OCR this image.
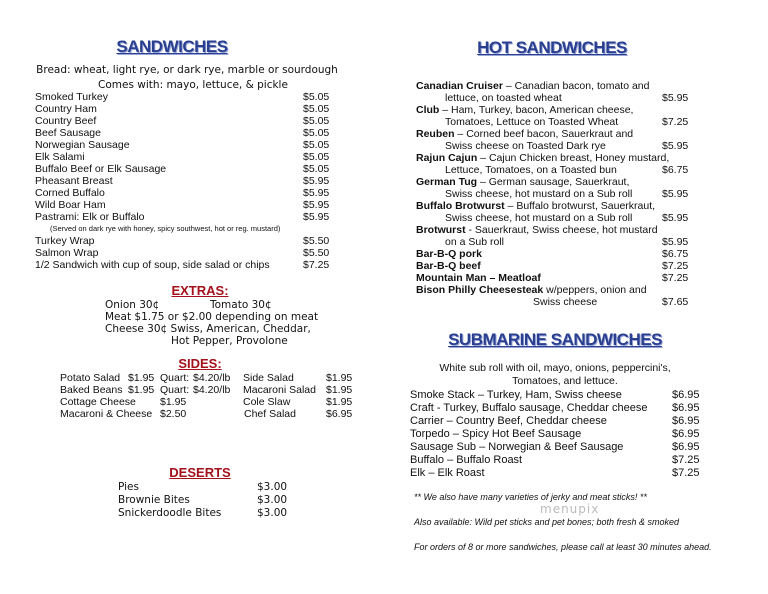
SANDWICHES
Bread: wheat, light rye, or dark rye, marble or sourdough
Comes with: mayo, lettuce, & pickle
Smoked Turkey	$5.05
Country Ham	$5.05
Country Beef	$5.05
Beef Sausage	$5.05
Norwegian Sausage	$5.05
Elk Salami	$5.05
Buffalo Beef or Elk Sausage	$5.05
Pheasant Breast	$5.95
Corned Buffalo	$5.95
Wild Boar Ham	$5.95
Pastrami: Elk or Buffalo	$5.95
(Served on dark rye with honey, spicy southwest, hot or reg. mustard)
Turkey Wrap	$5.50
Salmon Wrap	$5.50
1/2 Sandwich with cup of soup, side salad or chips	$7.25
EXTRAS:
Onion 30¢	Tomato 30¢
Meat $1.75 or $2.00 depending on meat
Cheese 30¢ Swiss, American, Cheddar,
Hot Pepper, Provolone
SIDES:
Potato Salad $1.95 Quart: $4.20/lb Side Salad	$1.95
Baked Beans $1.95 Quart: $4.20/lb Macaroni Salad $1.95
Cottage Cheese $1.95	Cole Slaw	$1.95
Macaroni & Cheese $2.50	Chef Salad	$6.95
DESERTS
Pies	$3.00
Brownie Bites	$3.00
Snickerdoodle Bites	$3.00
HOT SANDWICHES
Canadian Cruiser – Canadian bacon, tomato and
lettuce, on toasted wheat	$5.95
Club – Ham, Turkey, bacon, American cheese,
Tomatoes, Lettuce on Toasted Wheat	$7.25
Reuben – Corned beef bacon, Sauerkraut and
Swiss cheese on Toasted Dark rye	$5.95
Rajun Cajun – Cajun Chicken breast, Honey mustard,
Lettuce, Tomatoes, on a Toasted bun	$6.75
German Tug – German sausage, Sauerkraut,
Swiss cheese, hot mustard on a Sub roll	$5.95
Buffalo Brotwurst – Buffalo brotwurst, Sauerkraut,
Swiss cheese, hot mustard on a Sub roll	$5.95
Brotwurst - Sauerkraut, Swiss cheese, hot mustard
on a Sub roll	$5.95
Bar-B-Q pork	$6.75
Bar-B-Q beef	$7.25
Mountain Man – Meatloaf	$7.25
Bison Philly Cheesesteak w/peppers, onion and
Swiss cheese	$7.65
SUBMARINE SANDWICHES
White sub roll with oil, mayo, onions, peppercini's,
Tomatoes, and lettuce.
Smoke Stack – Turkey, Ham, Swiss cheese	$6.95
Craft - Turkey, Buffalo sausage, Cheddar cheese $6.95
Carrier – Country Beef, Cheddar cheese	$6.95
Torpedo – Spicy Hot Beef Sausage	$6.95
Sausage Sub – Norwegian & Beef Sausage	$6.95
Buffalo – Buffalo Roast	$7.25
Elk – Elk Roast	$7.25
** We also have many varieties of jerky and meat sticks! **
menupix
Also available: Wild pet sticks and pet bones; both fresh & smoked
For orders of 8 or more sandwiches, please call at least 30 minutes ahead.
